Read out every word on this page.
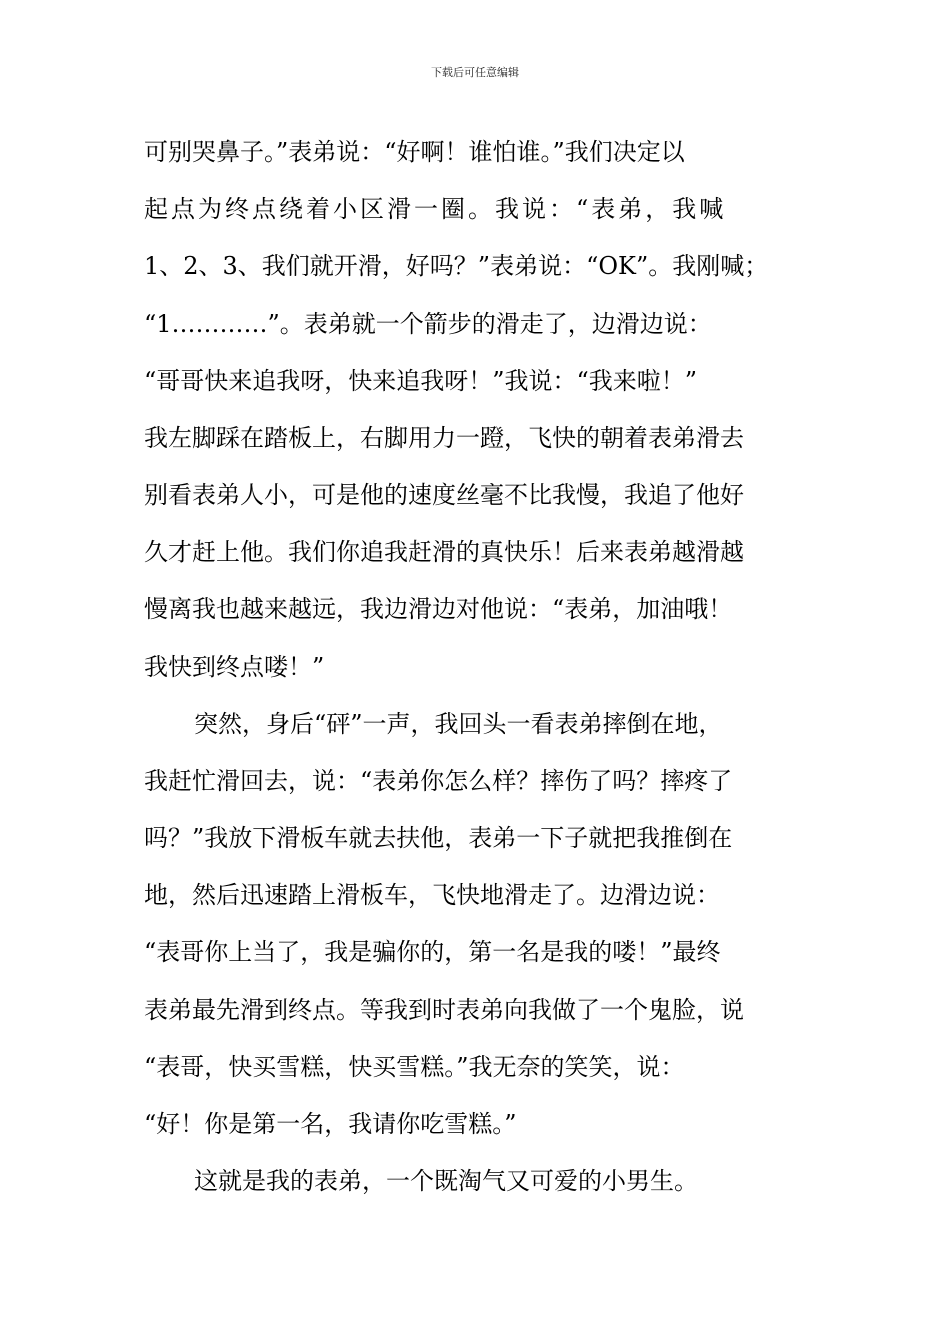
下载后可任意编辑
可别哭鼻子。”表弟说：“好啊！谁怕谁。”我们决定以
起点为终点绕着小区滑一圈。我说：“表弟，我喊
1、2、3、我们就开滑，好吗？”表弟说：“OK”。我刚喊；
“1…………”。表弟就一个箭步的滑走了，边滑边说：
“哥哥快来追我呀，快来追我呀！”我说：“我来啦！”
我左脚踩在踏板上，右脚用力一蹬，飞快的朝着表弟滑去
别看表弟人小，可是他的速度丝毫不比我慢，我追了他好
久才赶上他。我们你追我赶滑的真快乐！后来表弟越滑越
慢离我也越来越远，我边滑边对他说：“表弟，加油哦！
我快到终点喽！”
突然，身后“砰”一声，我回头一看表弟摔倒在地，
我赶忙滑回去，说：“表弟你怎么样？摔伤了吗？摔疼了
吗？”我放下滑板车就去扶他，表弟一下子就把我推倒在
地，然后迅速踏上滑板车，飞快地滑走了。边滑边说：
“表哥你上当了，我是骗你的，第一名是我的喽！”最终
表弟最先滑到终点。等我到时表弟向我做了一个鬼脸，说
“表哥，快买雪糕，快买雪糕。”我无奈的笑笑，说：
“好！你是第一名，我请你吃雪糕。”
这就是我的表弟，一个既淘气又可爱的小男生。
